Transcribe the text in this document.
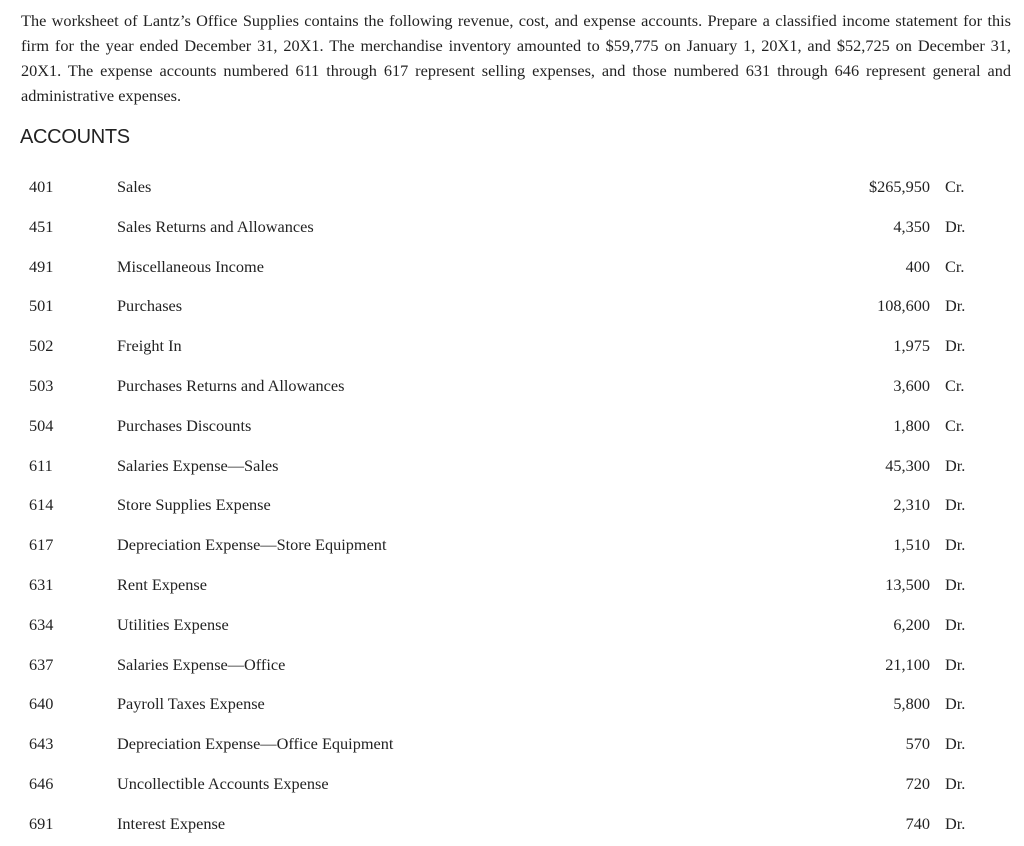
The worksheet of Lantz’s Office Supplies contains the following revenue, cost, and expense accounts. Prepare a classified income statement for this firm for the year ended December 31, 20X1. The merchandise inventory amounted to $59,775 on January 1, 20X1, and $52,725 on December 31, 20X1. The expense accounts numbered 611 through 617 represent selling expenses, and those numbered 631 through 646 represent general and administrative expenses.

ACCOUNTS
401	Sales	$265,950 Cr.
451	Sales Returns and Allowances	4,350 Dr.
491	Miscellaneous Income	400 Cr.
501	Purchases	108,600 Dr.
502	Freight In	1,975 Dr.
503	Purchases Returns and Allowances	3,600 Cr.
504	Purchases Discounts	1,800 Cr.
611	Salaries Expense—Sales	45,300 Dr.
614	Store Supplies Expense	2,310 Dr.
617	Depreciation Expense—Store Equipment	1,510 Dr.
631	Rent Expense	13,500 Dr.
634	Utilities Expense	6,200 Dr.
637	Salaries Expense—Office	21,100 Dr.
640	Payroll Taxes Expense	5,800 Dr.
643	Depreciation Expense—Office Equipment	570 Dr.
646	Uncollectible Accounts Expense	720 Dr.
691	Interest Expense	740 Dr.
